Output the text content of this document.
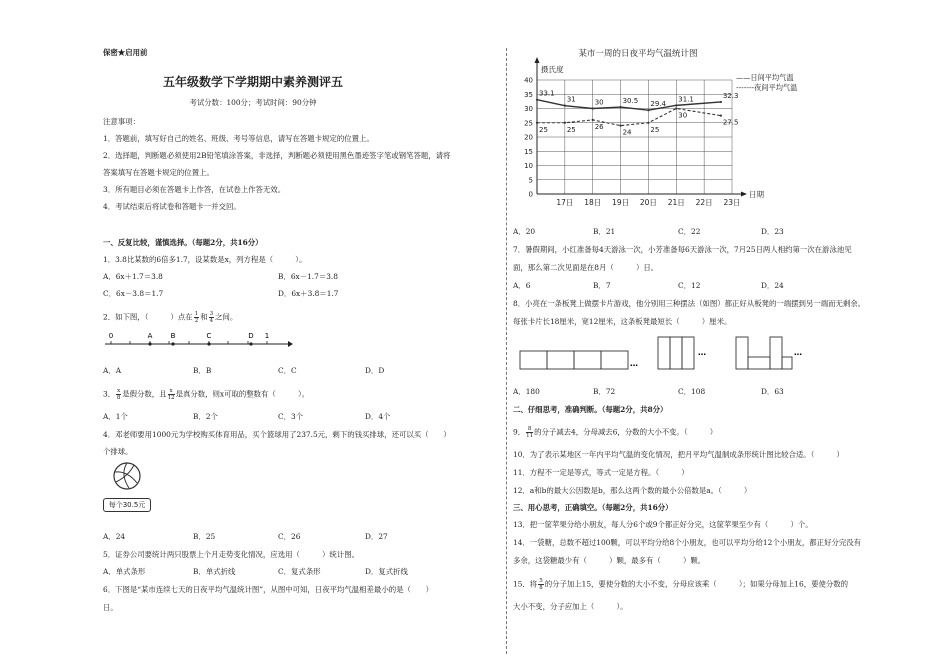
保密★启用前
五年级数学下学期期中素养测评五
考试分数：100分；考试时间：90分钟
注意事项：
1．答题前，填写好自己的姓名、班级、考号等信息，请写在答题卡规定的位置上。
2．选择题，判断题必须使用2B铅笔填涂答案，非选择，判断题必须使用黑色墨迹签字笔或钢笔答题，请将
答案填写在答题卡规定的位置上。
3．所有题目必须在答题卡上作答，在试卷上作答无效。
4．考试结束后将试卷和答题卡一并交回。
一、反复比较，谨慎选择。（每题2分，共16分）
1．3.8比某数的6倍多1.7，设某数是x，列方程是（　　　）。
A．6x＋1.7＝3.8	B．6x－1.7＝3.8
C．6x－3.8＝1.7	D．6x＋3.8＝1.7
2．如下图，（　　　）点在 $\frac{1}{2}$ 和 $\frac{3}{4}$ 之间。
0	A	B	C	D 1
A．A	B．B	C．C	D．D
3． $\frac{x}{8}$ 是假分数，且 $\frac{x}{12}$ 是真分数，则x可取的整数有（　　　）。
A．1个	B．2个	C．3个	D．4个
4．邓老师要用1000元为学校购买体育用品，买个篮球用了237.5元，剩下的钱买排球，还可以买（　　）
个排球。
每个30.5元
A．24	B．25	C．26	D．27
5．证券公司要统计两只股票上个月走势变化情况，应选用（　　　）统计图。
A．单式条形	B．单式折线	C．复式条形	D．复式折线
6．下图是“某市连续七天的日夜平均气温统计图”，从图中可知，日夜平均气温相差最小的是（　　）
日。
某市一周的日夜平均气温统计图
0
5
10
15
20
25
30
35
40
摄氏度
日期
17日 18日 19日 20日 21日 22日 23日
33.1
31	30	30.5 29.4
31.1	32.3
25	25	26
24	25
30
27.5
——日间平均气温
-------夜间平均气温
A．20	B．21	C．22	D．23
7．暑假期间，小红准备每4天游泳一次，小芳准备每6天游泳一次，7月25日两人相约第一次在游泳池见
面，那么第二次见面是在8月（　　　）日。
A．6	B．7	C．12	D．24
8．小亮在一条板凳上做摆卡片游戏，他分别用三种摆法（如图）都正好从板凳的一端摆到另一端而无剩余。
每张卡片长18厘米，宽12厘米，这条板凳最短长（　　　）厘米。
…
…	…
A．180	B．72	C．108	D．63
二、仔细思考，准确判断。（每题2分，共8分）
9． $\frac{8}{11}$ 的分子减去4，分母减去6，分数的大小不变。（　　　）
10．为了表示某地区一年内平均气温的变化情况，把月平均气温制成条形统计图比较合适。（　　　）
11．方程不一定是等式，等式一定是方程。（　　　）
12．a和b的最大公因数是b，那么这两个数的最小公倍数是a。（　　　）
三、用心思考，正确填空。（每题2分，共16分）
13．把一筐苹果分给小朋友，每人分6个或9个都正好分完，这筐苹果至少有（　　　）个。
14．一袋糖，总数不超过100颗，可以平均分给8个小朋友，也可以平均分给12个小朋友，都正好分完没有
多余，这袋糖最少有（　　　）颗，最多有（　　　）颗。
15．将 $\frac{5}{8}$ 的分子加上15，要使分数的大小不变，分母应该乘（　　　）；如果分母加上16，要使分数的
大小不变，分子应加上（　　　）。
